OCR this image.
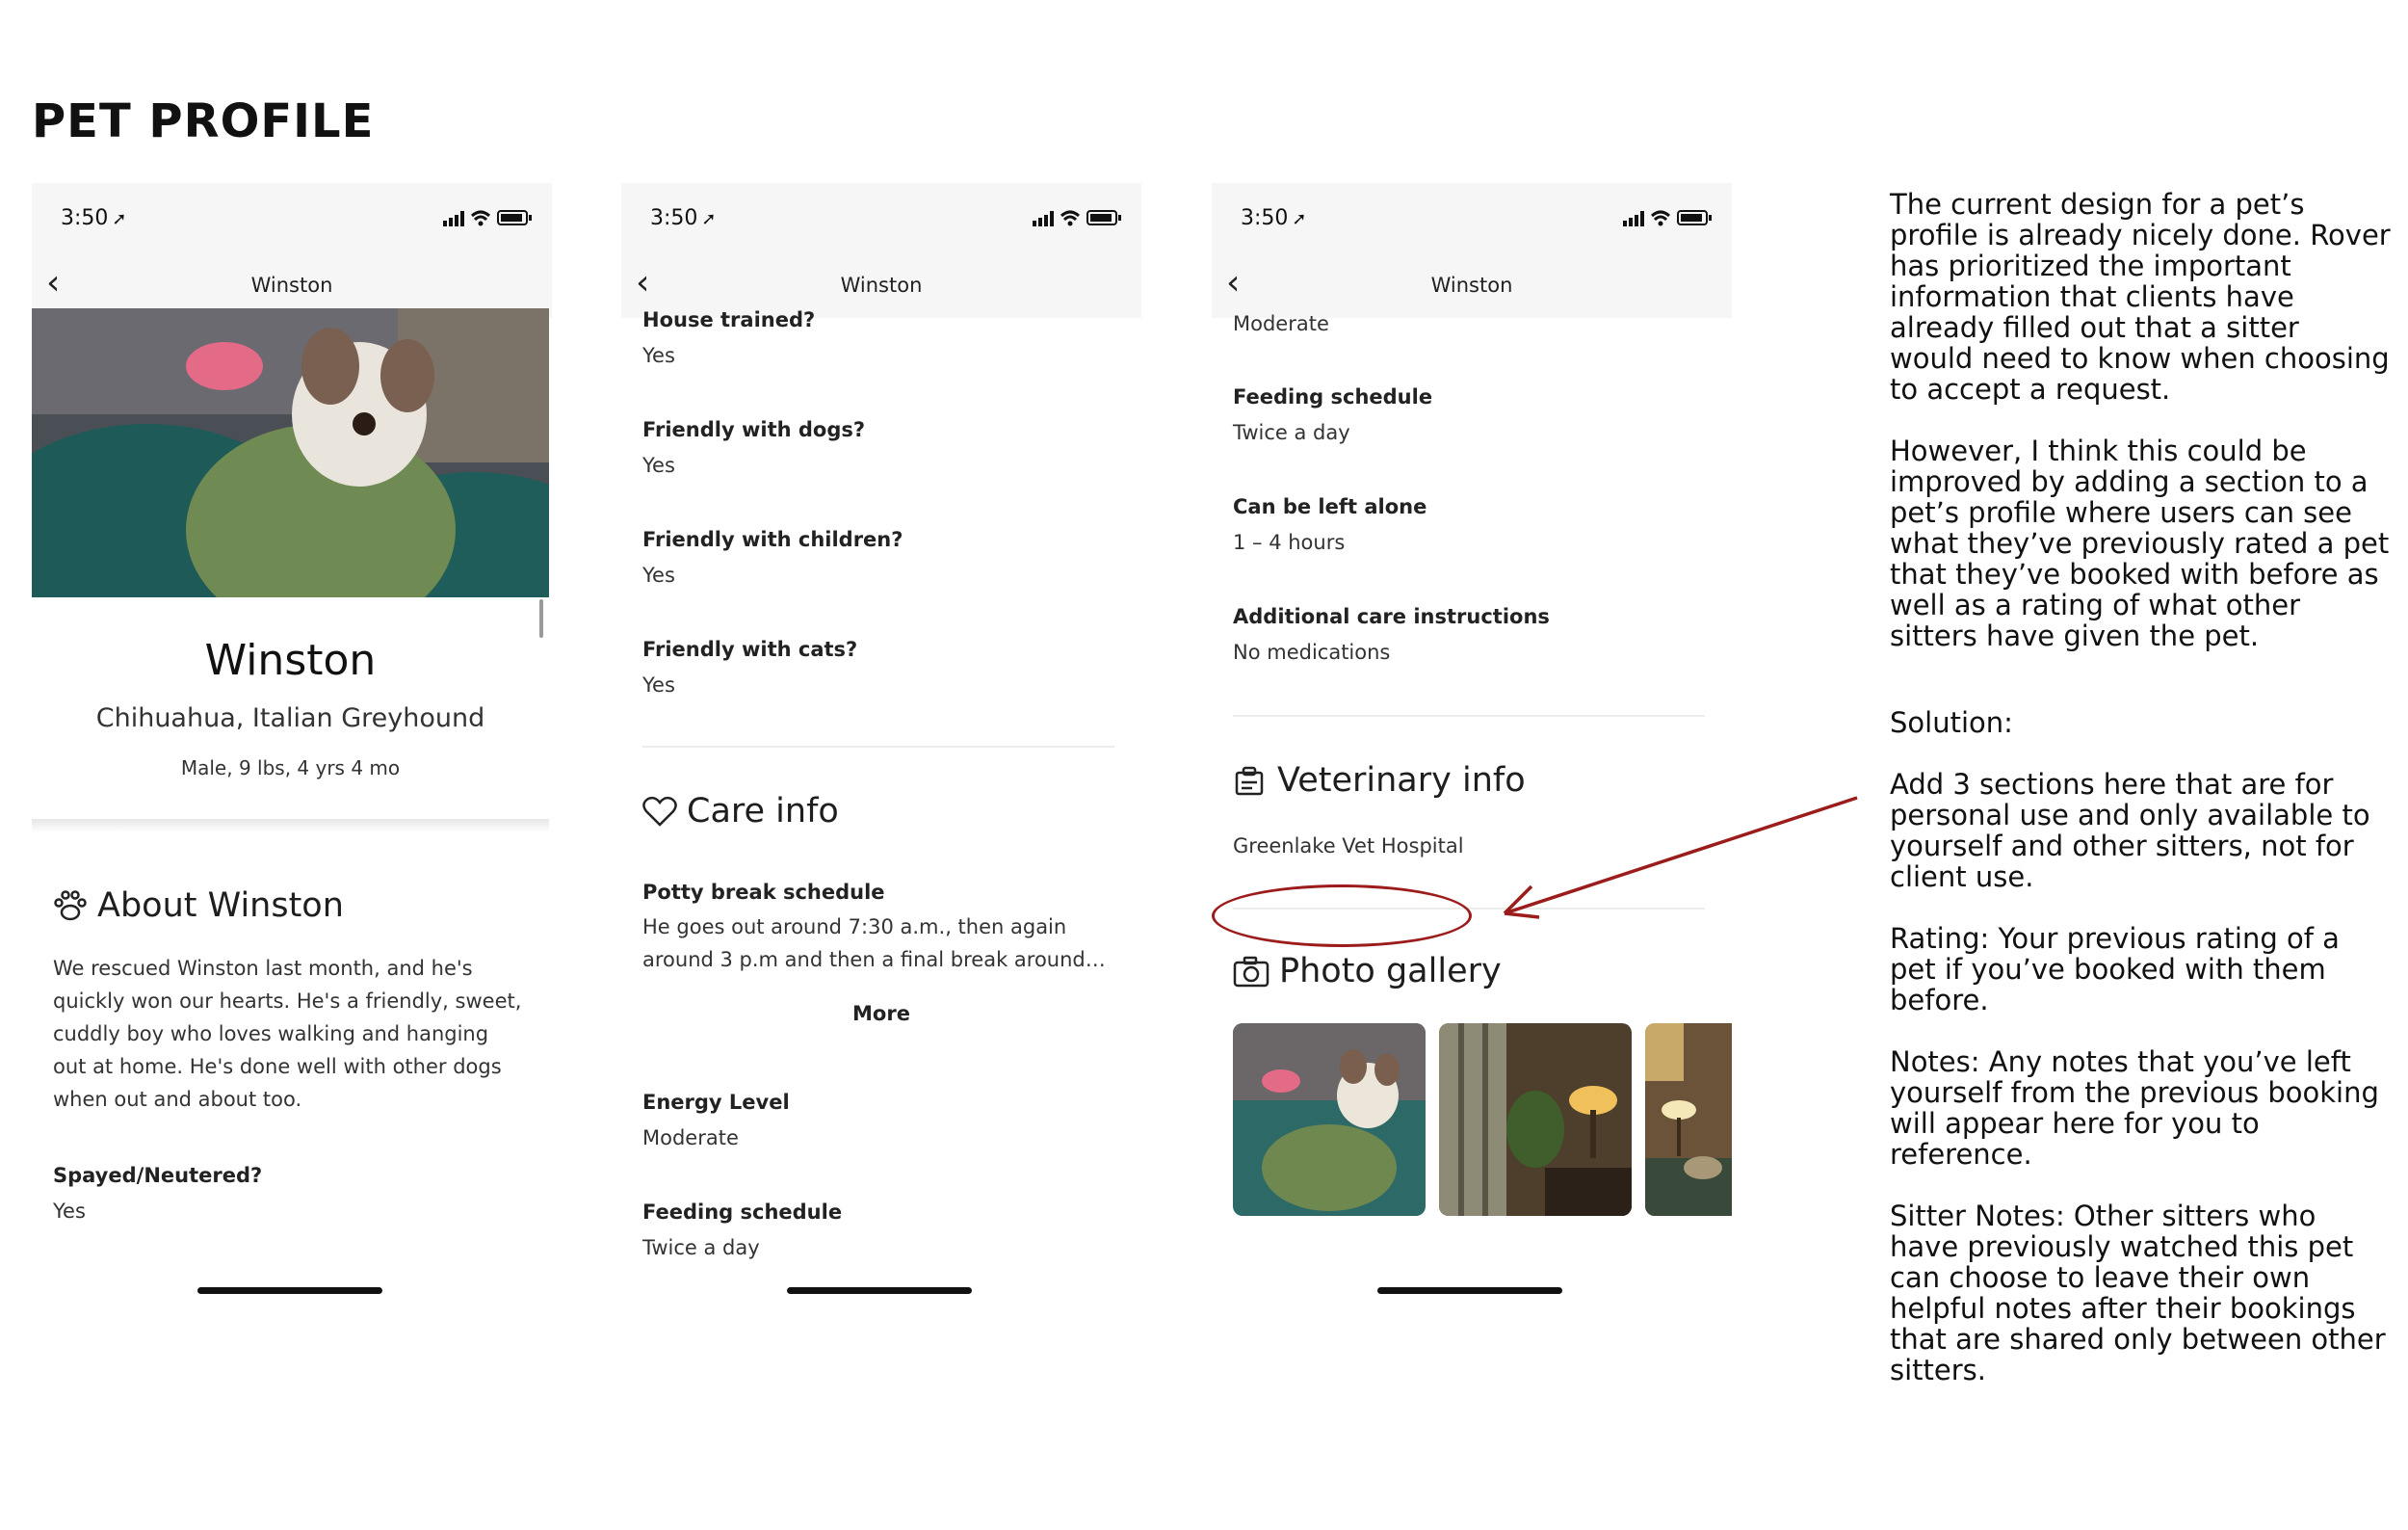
PET PROFILE
3:50 ➚
‹	Winston
Winston
Chihuahua, Italian Greyhound
Male, 9 lbs, 4 yrs 4 mo
About Winston
We rescued Winston last month, and he's quickly won our hearts. He's a friendly, sweet, cuddly boy who loves walking and hanging out at home. He's done well with other dogs when out and about too.
Spayed/Neutered?
Yes
3:50 ➚
‹	Winston
House trained?
Yes
Friendly with dogs?
Yes
Friendly with children?
Yes
Friendly with cats?
Yes
Care info
Potty break schedule
He goes out around 7:30 a.m., then again
around 3 p.m and then a final break around…
More
Energy Level
Moderate
Feeding schedule
Twice a day
3:50 ➚
‹	Winston
Moderate
Feeding schedule
Twice a day
Can be left alone
1 – 4 hours
Additional care instructions
No medications
Veterinary info
Greenlake Vet Hospital
Photo gallery

The current design for a pet’s profile is already nicely done. Rover has prioritized the important information that clients have already filled out that a sitter would need to know when choosing to accept a request.

However, I think this could be improved by adding a section to a pet’s profile where users can see what they’ve previously rated a pet that they’ve booked with before as well as a rating of what other sitters have given the pet.

Solution:

Add 3 sections here that are for personal use and only available to yourself and other sitters, not for client use.

Rating: Your previous rating of a pet if you’ve booked with them before.

Notes: Any notes that you’ve left yourself from the previous booking will appear here for you to reference.

Sitter Notes: Other sitters who have previously watched this pet can choose to leave their own helpful notes after their bookings that are shared only between other sitters.
